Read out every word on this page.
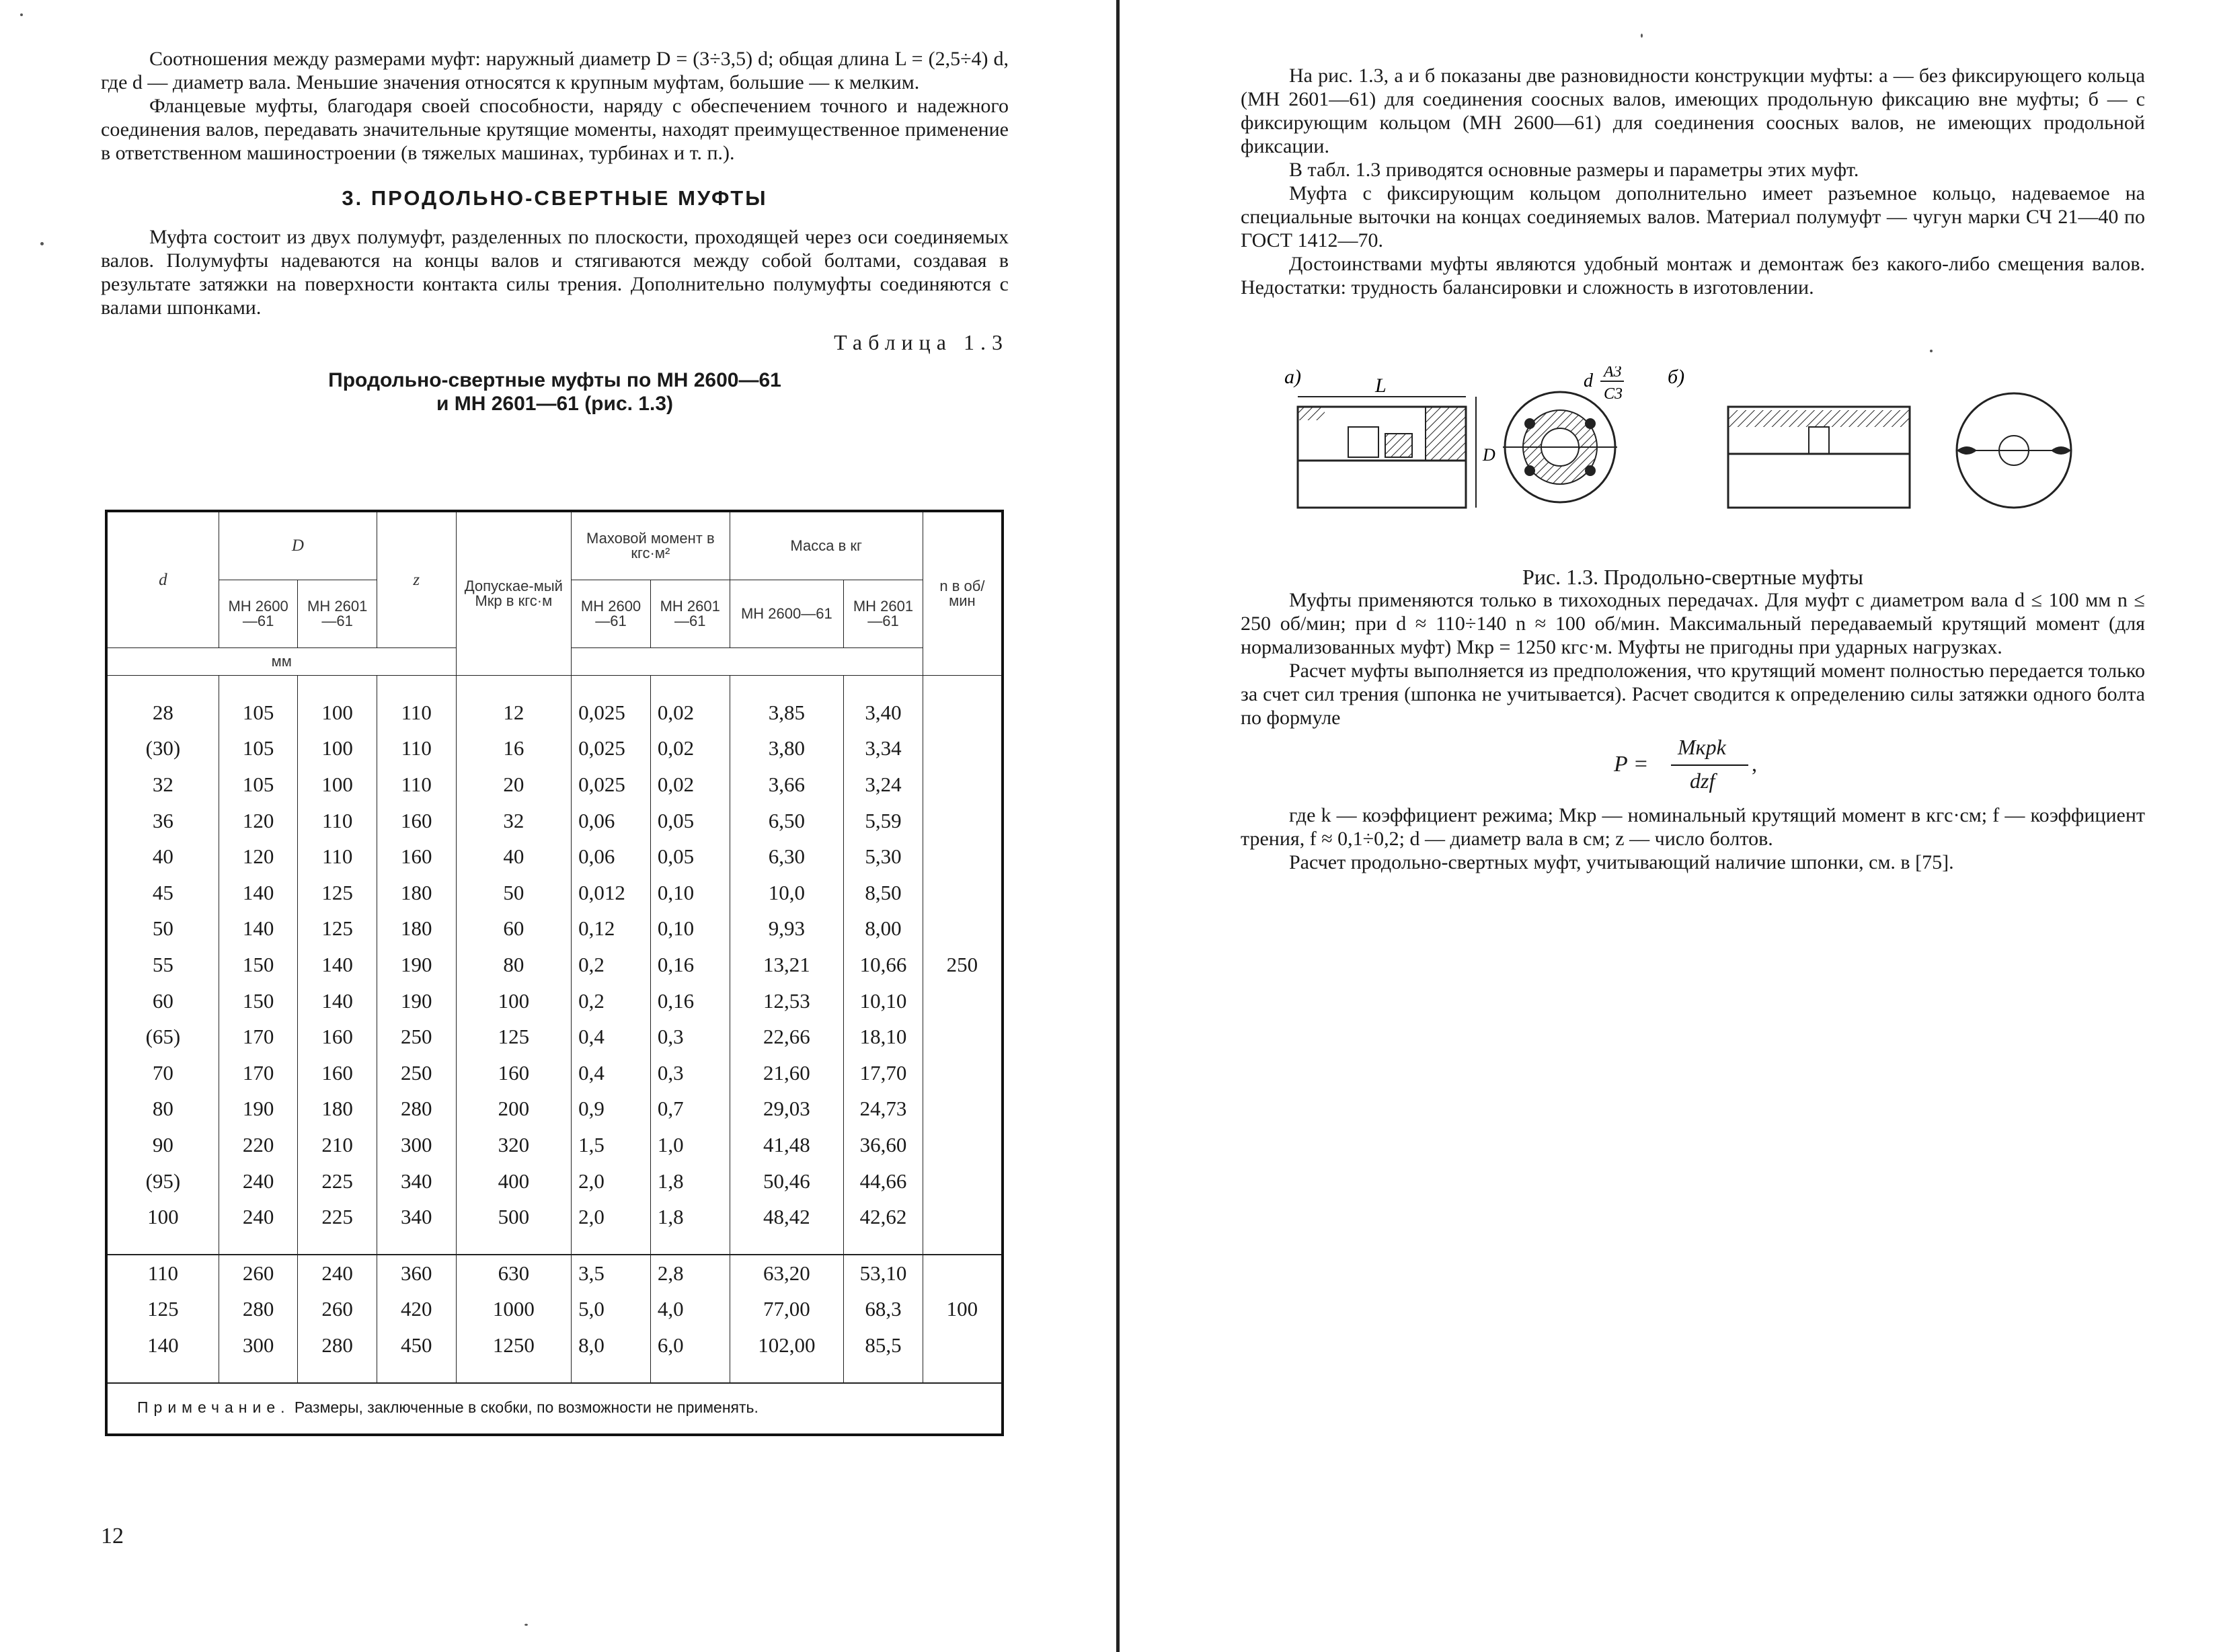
Соотношения между размерами муфт: наружный диаметр D = (3÷3,5) d; общая длина L = (2,5÷4) d, где d — диаметр вала. Меньшие значения относятся к крупным муфтам, большие — к мелким.

Фланцевые муфты, благодаря своей способности, наряду с обеспечением точного и надежного соединения валов, передавать значительные крутящие моменты, находят преимущественное применение в ответственном машиностроении (в тяжелых машинах, турбинах и т. п.).

3. ПРОДОЛЬНО-СВЕРТНЫЕ МУФТЫ

Муфта состоит из двух полумуфт, разделенных по плоскости, проходящей через оси соединяемых валов. Полумуфты надеваются на концы валов и стягиваются между собой болтами, создавая в результате затяжки на поверхности контакта силы трения. Дополнительно полумуфты соединяются с валами шпонками.

Таблица 1.3
Продольно-свертные муфты по МН 2600—61
и МН 2601—61 (рис. 1.3)
d	D		z	Допускае-мый Mкр в кгс·м	Маховой момент в кгс·м²		Масса в кг		n в об/мин
	МН 2600—61	МН 2601—61			МН 2600—61	МН 2601—61	МН 2600—61	МН 2601—61	
мм									

28	105	100	110	12	0,025	0,02	3,85	3,40	250
(30)	105	100	110	16	0,025	0,02	3,80	3,34	
32	105	100	110	20	0,025	0,02	3,66	3,24	
36	120	110	160	32	0,06	0,05	6,50	5,59	
40	120	110	160	40	0,06	0,05	6,30	5,30	
45	140	125	180	50	0,012	0,10	10,0	8,50	
50	140	125	180	60	0,12	0,10	9,93	8,00	
55	150	140	190	80	0,2	0,16	13,21	10,66	
60	150	140	190	100	0,2	0,16	12,53	10,10	
(65)	170	160	250	125	0,4	0,3	22,66	18,10	
70	170	160	250	160	0,4	0,3	21,60	17,70	
80	190	180	280	200	0,9	0,7	29,03	24,73	
90	220	210	300	320	1,5	1,0	41,48	36,60	
(95)	240	225	340	400	2,0	1,8	50,46	44,66	
100	240	225	340	500	2,0	1,8	48,42	42,62	

110	260	240	360	630	3,5	2,8	63,20	53,10	100
125	280	260	420	1000	5,0	4,0	77,00	68,3	
140	300	280	450	1250	8,0	6,0	102,00	85,5	

Примечание. Размеры, заключенные в скобки, по возможности не применять.									
12

На рис. 1.3, а и б показаны две разновидности конструкции муфты: а — без фиксирующего кольца (МН 2601—61) для соединения соосных валов, имеющих продольную фиксацию вне муфты; б — с фиксирующим кольцом (МН 2600—61) для соединения соосных валов, не имеющих продольной фиксации.

В табл. 1.3 приводятся основные размеры и параметры этих муфт.

Муфта с фиксирующим кольцом дополнительно имеет разъемное кольцо, надеваемое на специальные выточки на концах соединяемых валов. Материал полумуфт — чугун марки СЧ 21—40 по ГОСТ 1412—70.

Достоинствами муфты являются удобный монтаж и демонтаж без какого-либо смещения валов. Недостатки: трудность балансировки и сложность в изготовлении.

а)	L
D
d A3
C3
б)
Рис. 1.3. Продольно-свертные муфты

Муфты применяются только в тихоходных передачах. Для муфт с диаметром вала d ≤ 100 мм n ≤ 250 об/мин; при d ≈ 110÷140 n ≈ 100 об/мин. Максимальный передаваемый крутящий момент (для нормализованных муфт) Mкр = 1250 кгс·м. Муфты не пригодны при ударных нагрузках.

Расчет муфты выполняется из предположения, что крутящий момент полностью передается только за счет сил трения (шпонка не учитывается). Расчет сводится к определению силы затяжки одного болта по формуле

P =
Mкрk
dzf
,

где k — коэффициент режима; Mкр — номинальный крутящий момент в кгс·см; f — коэффициент трения, f ≈ 0,1÷0,2; d — диаметр вала в см; z — число болтов.

Расчет продольно-свертных муфт, учитывающий наличие шпонки, см. в [75].
